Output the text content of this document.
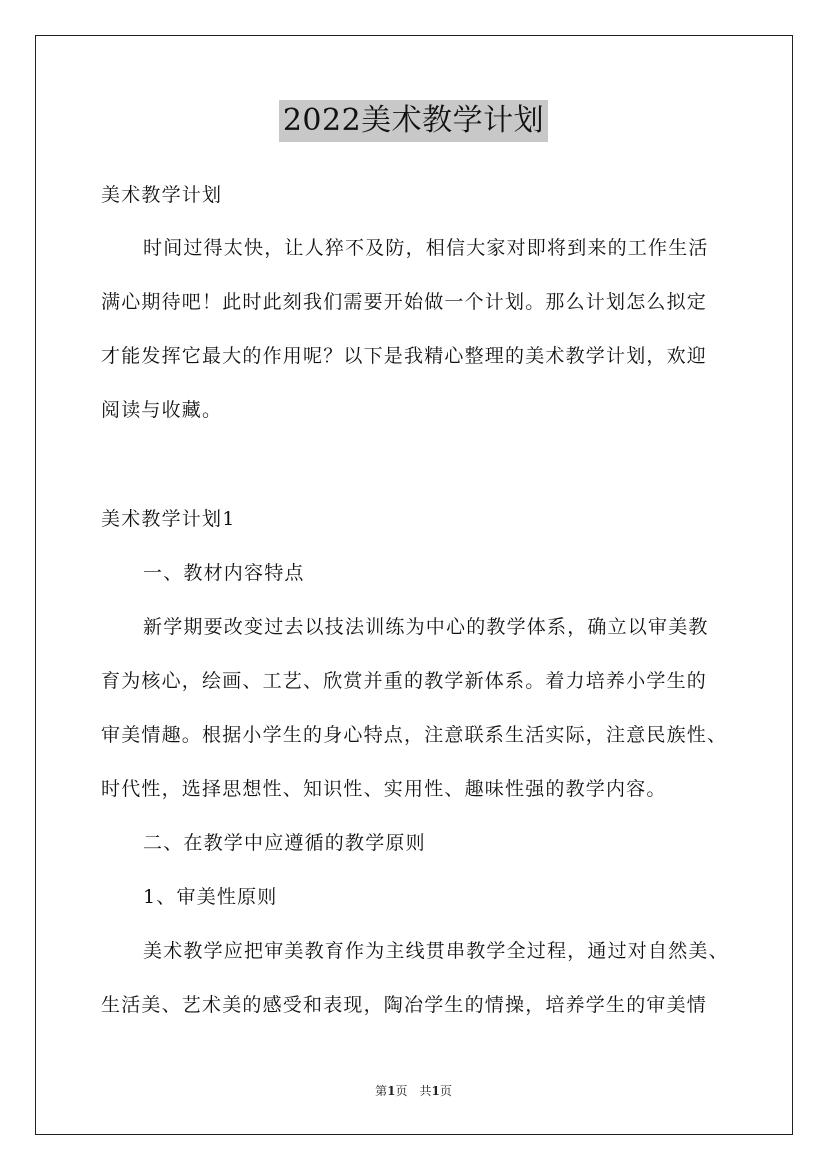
2022美术教学计划
美术教学计划
时间过得太快，让人猝不及防，相信大家对即将到来的工作生活
满心期待吧！此时此刻我们需要开始做一个计划。那么计划怎么拟定
才能发挥它最大的作用呢？以下是我精心整理的美术教学计划，欢迎
阅读与收藏。
美术教学计划1
一、教材内容特点
新学期要改变过去以技法训练为中心的教学体系，确立以审美教
育为核心，绘画、工艺、欣赏并重的教学新体系。着力培养小学生的
审美情趣。根据小学生的身心特点，注意联系生活实际，注意民族性、
时代性，选择思想性、知识性、实用性、趣味性强的教学内容。
二、在教学中应遵循的教学原则
1、审美性原则
美术教学应把审美教育作为主线贯串教学全过程，通过对自然美、
生活美、艺术美的感受和表现，陶冶学生的情操，培养学生的审美情
第1页　共1页
